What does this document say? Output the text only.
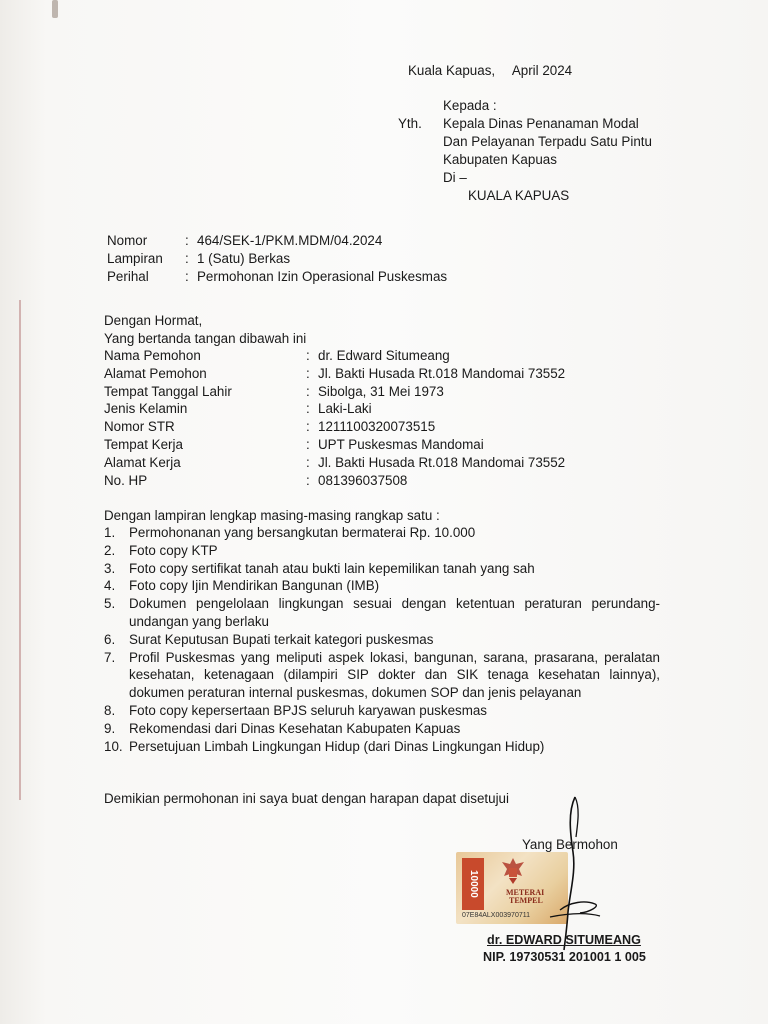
Kuala Kapuas, April 2024
Kepada :
Yth.	Kepala Dinas Penanaman Modal
Dan Pelayanan Terpadu Satu Pintu
Kabupaten Kapuas
Di –
KUALA KAPUAS
Nomor	: 464/SEK-1/PKM.MDM/04.2024
Lampiran	: 1 (Satu) Berkas
Perihal	: Permohonan Izin Operasional Puskesmas
Dengan Hormat,
Yang bertanda tangan dibawah ini
Nama Pemohon	: dr. Edward Situmeang
Alamat Pemohon	: Jl. Bakti Husada Rt.018 Mandomai 73552
Tempat Tanggal Lahir	: Sibolga, 31 Mei 1973
Jenis Kelamin	: Laki-Laki
Nomor STR	: 1211100320073515
Tempat Kerja	: UPT Puskesmas Mandomai
Alamat Kerja	: Jl. Bakti Husada Rt.018 Mandomai 73552
No. HP	: 081396037508
Dengan lampiran lengkap masing-masing rangkap satu :
1.	Permohonanan yang bersangkutan bermaterai Rp. 10.000
2.	Foto copy KTP
3.	Foto copy sertifikat tanah atau bukti lain kepemilikan tanah yang sah
4.	Foto copy Ijin Mendirikan Bangunan (IMB)
5.	Dokumen pengelolaan lingkungan sesuai dengan ketentuan peraturan perundang-undangan yang berlaku
6.	Surat Keputusan Bupati terkait kategori puskesmas
7.	Profil Puskesmas yang meliputi aspek lokasi, bangunan, sarana, prasarana, peralatan kesehatan, ketenagaan (dilampiri SIP dokter dan SIK tenaga kesehatan lainnya), dokumen peraturan internal puskesmas, dokumen SOP dan jenis pelayanan
8.	Foto copy kepersertaan BPJS seluruh karyawan puskesmas
9.	Rekomendasi dari Dinas Kesehatan Kabupaten Kapuas
10. Persetujuan Limbah Lingkungan Hidup (dari Dinas Lingkungan Hidup)
Demikian permohonan ini saya buat dengan harapan dapat disetujui
Yang Bermohon
10000	METERAI
TEMPEL
07E84ALX003970711
dr. EDWARD SITUMEANG
NIP. 19730531 201001 1 005
